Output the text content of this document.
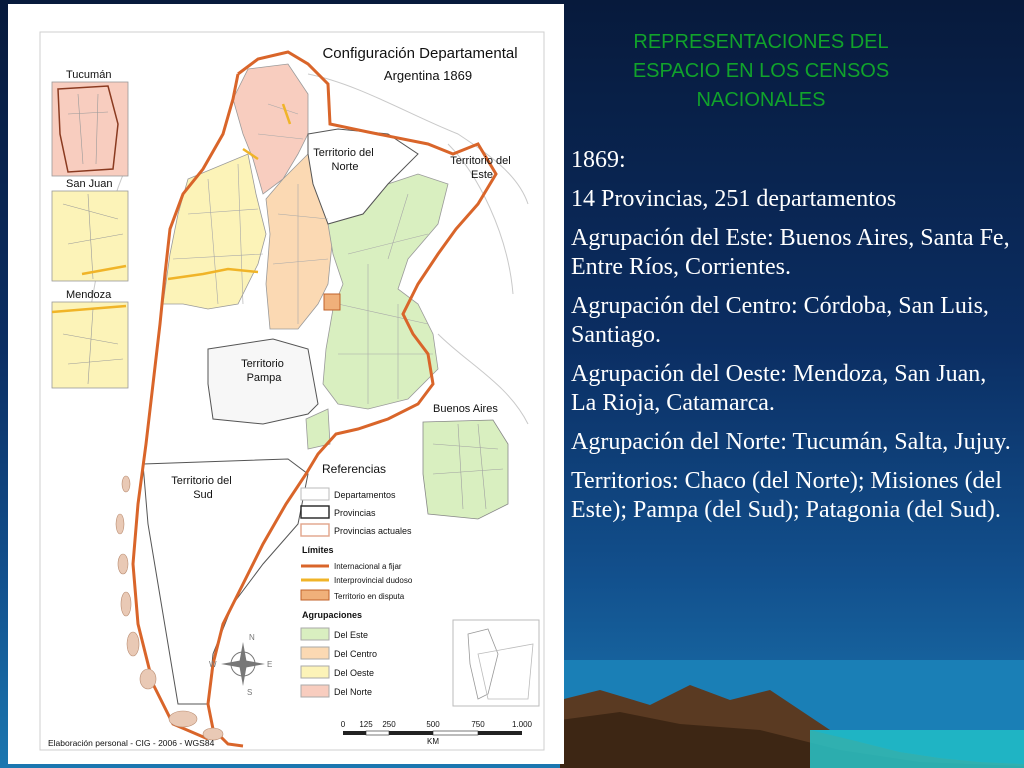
REPRESENTACIONES DEL
ESPACIO EN LOS CENSOS
NACIONALES

1869:

14 Provincias, 251 departamentos

Agrupación del Este: Buenos Aires, Santa Fe, Entre Ríos, Corrientes.

Agrupación del Centro: Córdoba, San Luis, Santiago.

Agrupación del Oeste: Mendoza, San Juan, La Rioja, Catamarca.

Agrupación del Norte: Tucumán, Salta, Jujuy.

Territorios: Chaco (del Norte); Misiones (del Este); Pampa (del Sud); Patagonia (del Sud).

Configuración Departamental
Argentina 1869
Tucumán
San Juan
Mendoza
Territorio del Norte	Territorio del Este
Territorio Pampa
Territorio del Sud
Buenos Aires
Referencias
Departamentos
Provincias
Provincias actuales
Límites
Internacional a fijar
Interprovincial dudoso
Territorio en disputa
Agrupaciones
Del Este
Del Centro
Del Oeste
Del Norte
N
S
E
W
0 125 250	500	750	1.000
KM
Elaboración personal - CIG - 2006 - WGS84
